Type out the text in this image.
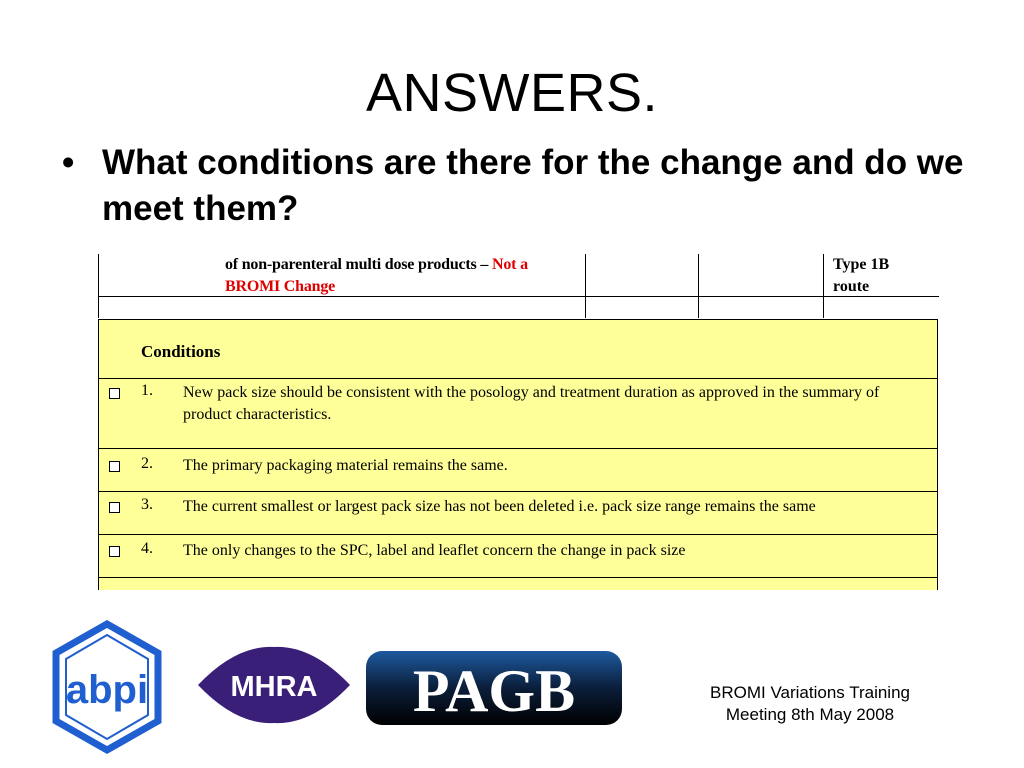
ANSWERS.
• What conditions are there for the change and do we meet them?
of non-parenteral multi dose products – Not a
BROMI Change
Type 1B
route
Conditions
1. New pack size should be consistent with the posology and treatment duration as approved in the summary of product characteristics.
2. The primary packaging material remains the same.
3. The current smallest or largest pack size has not been deleted i.e. pack size range remains the same
4. The only changes to the SPC, label and leaflet concern the change in pack size
abpi	MHRA PAGB	BROMI Variations Training
Meeting 8th May 2008
